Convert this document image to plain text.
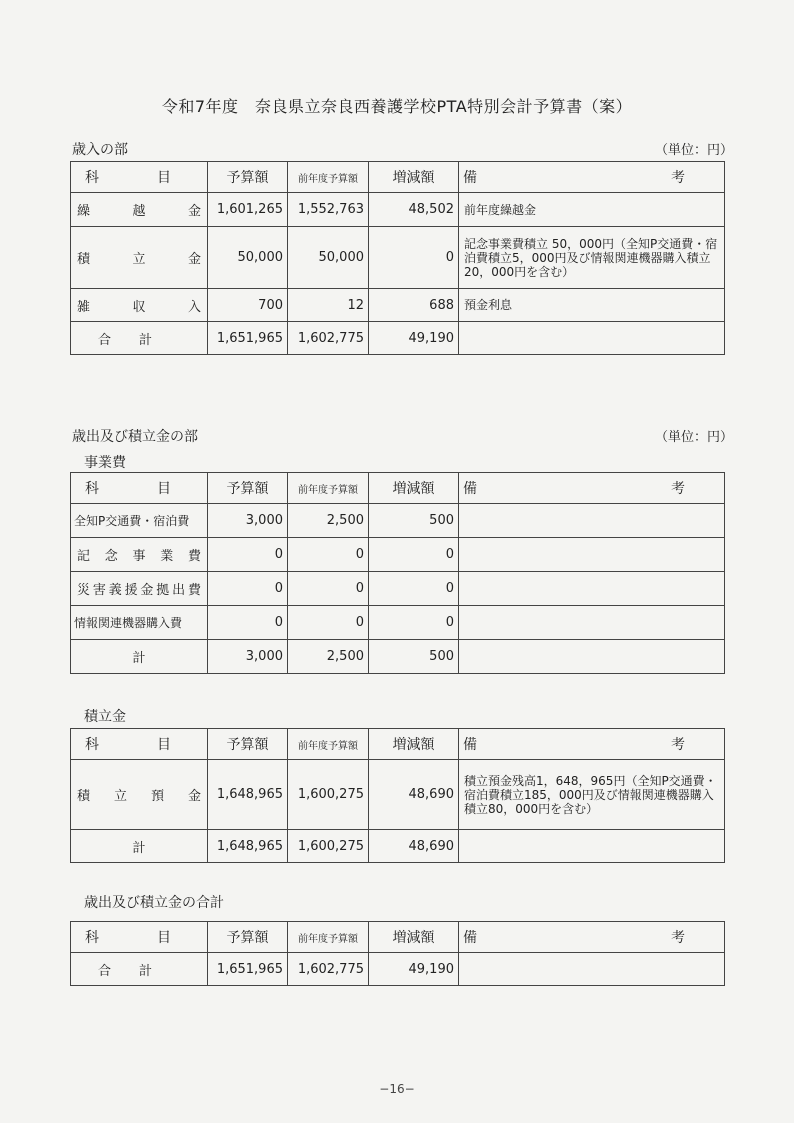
令和7年度　奈良県立奈良西養護学校PTA特別会計予算書（案）
歳入の部	（単位：円）
科　目	予算額	前年度予算額	増減額	備　考
繰越金	1,601,265	1,552,763	48,502	前年度繰越金
積立金	50,000	50,000	0	記念事業費積立 50，000円（全知P交通費・宿泊費積立5，000円及び情報関連機器購入積立20，000円を含む）
雑収入	700	12	688	預金利息
合計	1,651,965	1,602,775	49,190	
歳出及び積立金の部	（単位：円）
事業費
科　目	予算額	前年度予算額	増減額	備　考
全知P交通費・宿泊費	3,000	2,500	500	
記念事業費	0	0	0	
災害義援金拠出費	0	0	0	
情報関連機器購入費	0	0	0	
計	3,000	2,500	500	
積立金
科　目	予算額	前年度予算額	増減額	備　考
積立預金	1,648,965	1,600,275	48,690	積立預金残高1，648，965円（全知P交通費・宿泊費積立185，000円及び情報関連機器購入積立80，000円を含む）
計	1,648,965	1,600,275	48,690	
歳出及び積立金の合計
科　目	予算額	前年度予算額	増減額	備　考
合計	1,651,965	1,602,775	49,190	
−16−
